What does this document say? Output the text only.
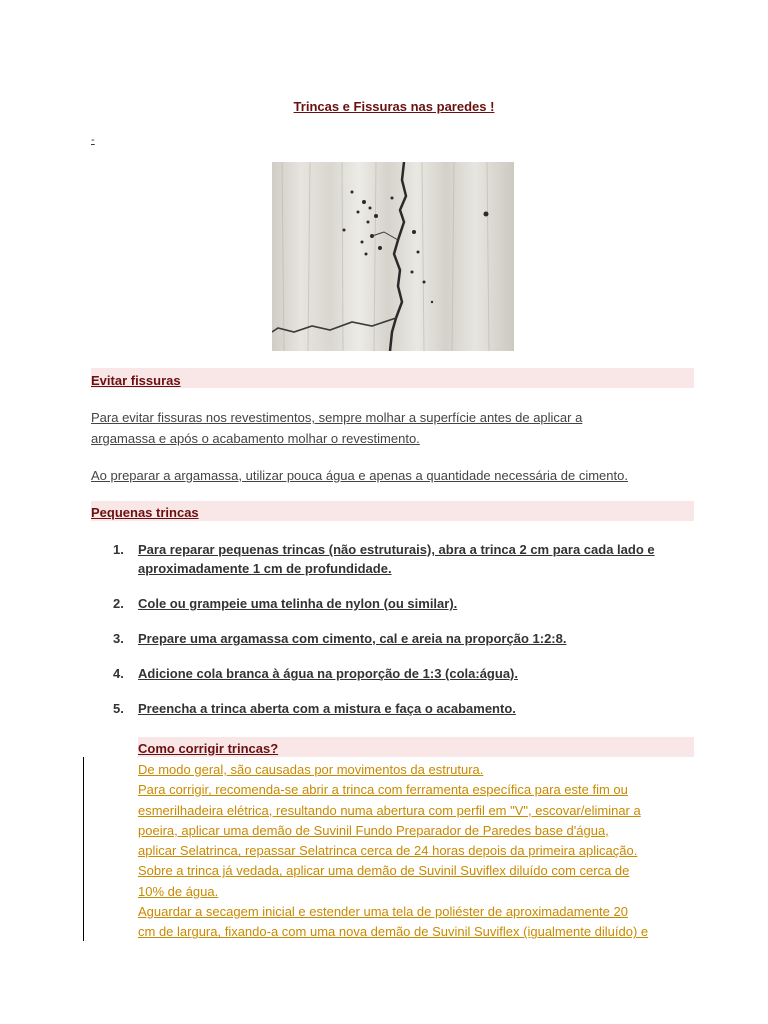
Trincas e Fissuras nas paredes !
-
Evitar fissuras
Para evitar fissuras nos revestimentos, sempre molhar a superfície antes de aplicar a
argamassa e após o acabamento molhar o revestimento.
Ao preparar a argamassa, utilizar pouca água e apenas a quantidade necessária de cimento.
Pequenas trincas
1. Para reparar pequenas trincas (não estruturais), abra a trinca 2 cm para cada lado e aproximadamente 1 cm de profundidade.
2. Cole ou grampeie uma telinha de nylon (ou similar).
3. Prepare uma argamassa com cimento, cal e areia na proporção 1:2:8.
4. Adicione cola branca à água na proporção de 1:3 (cola:água).
5. Preencha a trinca aberta com a mistura e faça o acabamento.
Como corrigir trincas?
De modo geral, são causadas por movimentos da estrutura.
Para corrigir, recomenda-se abrir a trinca com ferramenta específica para este fim ou
esmerilhadeira elétrica, resultando numa abertura com perfil em "V", escovar/eliminar a
poeira, aplicar uma demão de Suvinil Fundo Preparador de Paredes base d'água,
aplicar Selatrinca, repassar Selatrinca cerca de 24 horas depois da primeira aplicação.
Sobre a trinca já vedada, aplicar uma demão de Suvinil Suviflex diluído com cerca de
10% de água.
Aguardar a secagem inicial e estender uma tela de poliéster de aproximadamente 20
cm de largura, fixando-a com uma nova demão de Suvinil Suviflex (igualmente diluído) e
